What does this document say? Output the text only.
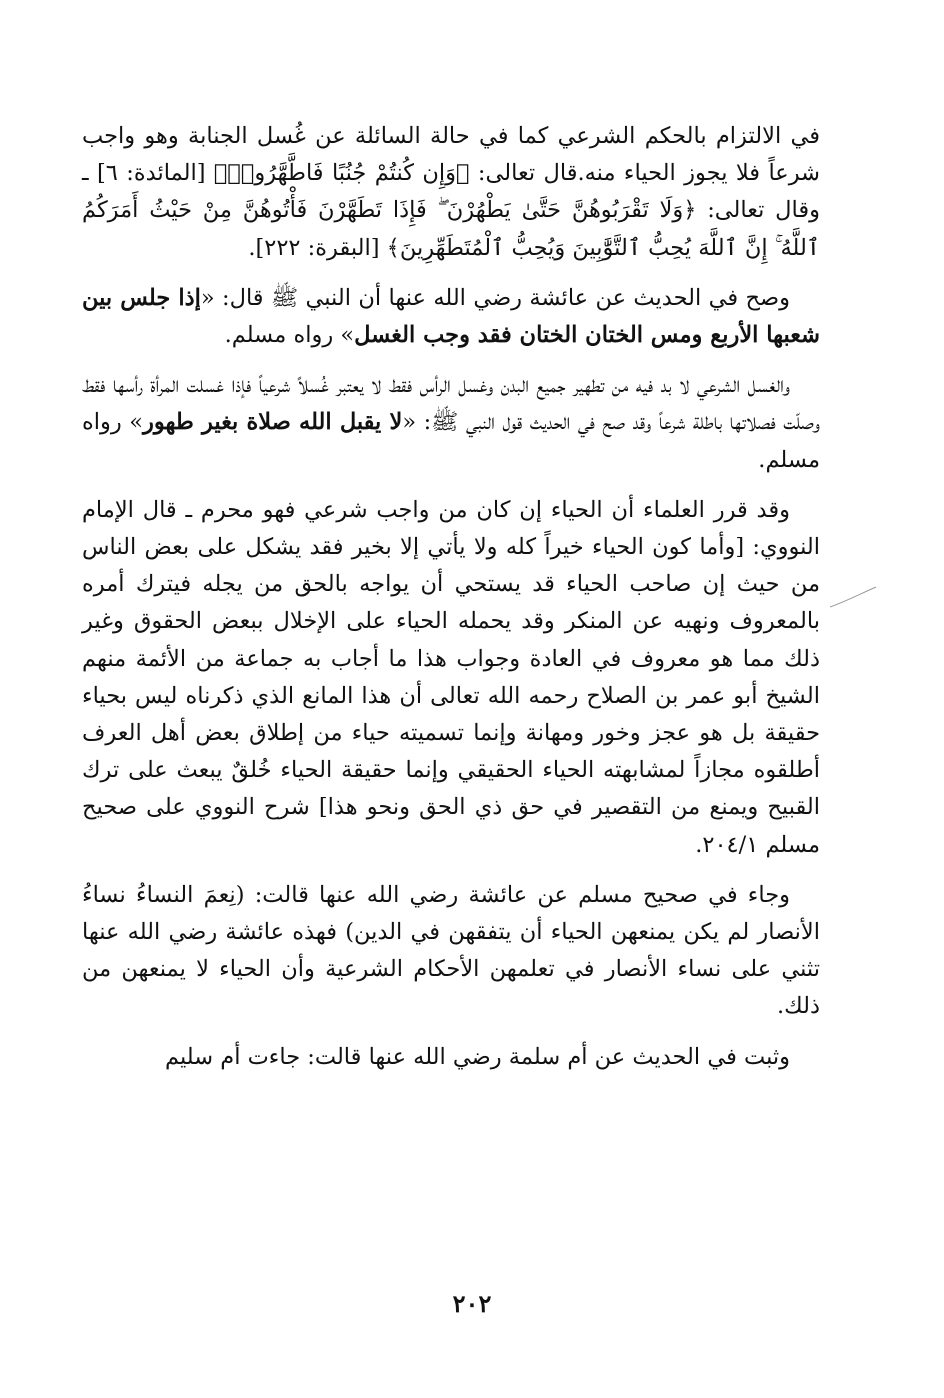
في الالتزام بالحكم الشرعي كما في حالة السائلة عن غُسل الجنابة وهو واجب شرعاً فلا يجوز الحياء منه.قال تعالى: ﴿وَإِن كُنتُمْ جُنُبًا فَاطَّهَّرُوا۟﴾ [المائدة: ٦] ـ وقال تعالى: ﴿وَلَا تَقْرَبُوهُنَّ حَتَّىٰ يَطْهُرْنَ ۖ فَإِذَا تَطَهَّرْنَ فَأْتُوهُنَّ مِنْ حَيْثُ أَمَرَكُمُ ٱللَّهُ ۚ إِنَّ ٱللَّهَ يُحِبُّ ٱلتَّوَّٰبِينَ وَيُحِبُّ ٱلْمُتَطَهِّرِينَ﴾ [البقرة: ٢٢٢].

وصح في الحديث عن عائشة رضي الله عنها أن النبي ﷺ قال: «إذا جلس بين شعبها الأربع ومس الختان الختان فقد وجب الغسل» رواه مسلم.

والغسل الشرعي لا بد فيه من تطهير جميع البدن وغسل الرأس فقط لا يعتبر غُسلاً شرعياً فإذا غسلت المرأة رأسها فقط وصلّت فصلاتها باطلة شرعاً وقد صح في الحديث قول النبي ﷺ: «لا يقبل الله صلاة بغير طهور» رواه مسلم.

وقد قرر العلماء أن الحياء إن كان من واجب شرعي فهو محرم ـ قال الإمام النووي: [وأما كون الحياء خيراً كله ولا يأتي إلا بخير فقد يشكل على بعض الناس من حيث إن صاحب الحياء قد يستحي أن يواجه بالحق من يجله فيترك أمره بالمعروف ونهيه عن المنكر وقد يحمله الحياء على الإخلال ببعض الحقوق وغير ذلك مما هو معروف في العادة وجواب هذا ما أجاب به جماعة من الأئمة منهم الشيخ أبو عمر بن الصلاح رحمه الله تعالى أن هذا المانع الذي ذكرناه ليس بحياء حقيقة بل هو عجز وخور ومهانة وإنما تسميته حياء من إطلاق بعض أهل العرف أطلقوه مجازاً لمشابهته الحياء الحقيقي وإنما حقيقة الحياء خُلقٌ يبعث على ترك القبيح ويمنع من التقصير في حق ذي الحق ونحو هذا] شرح النووي على صحيح مسلم ٢٠٤/١.

وجاء في صحيح مسلم عن عائشة رضي الله عنها قالت: (نِعمَ النساءُ نساءُ الأنصار لم يكن يمنعهن الحياء أن يتفقهن في الدين) فهذه عائشة رضي الله عنها تثني على نساء الأنصار في تعلمهن الأحكام الشرعية وأن الحياء لا يمنعهن من ذلك.

وثبت في الحديث عن أم سلمة رضي الله عنها قالت: جاءت أم سليم

٢٠٢
